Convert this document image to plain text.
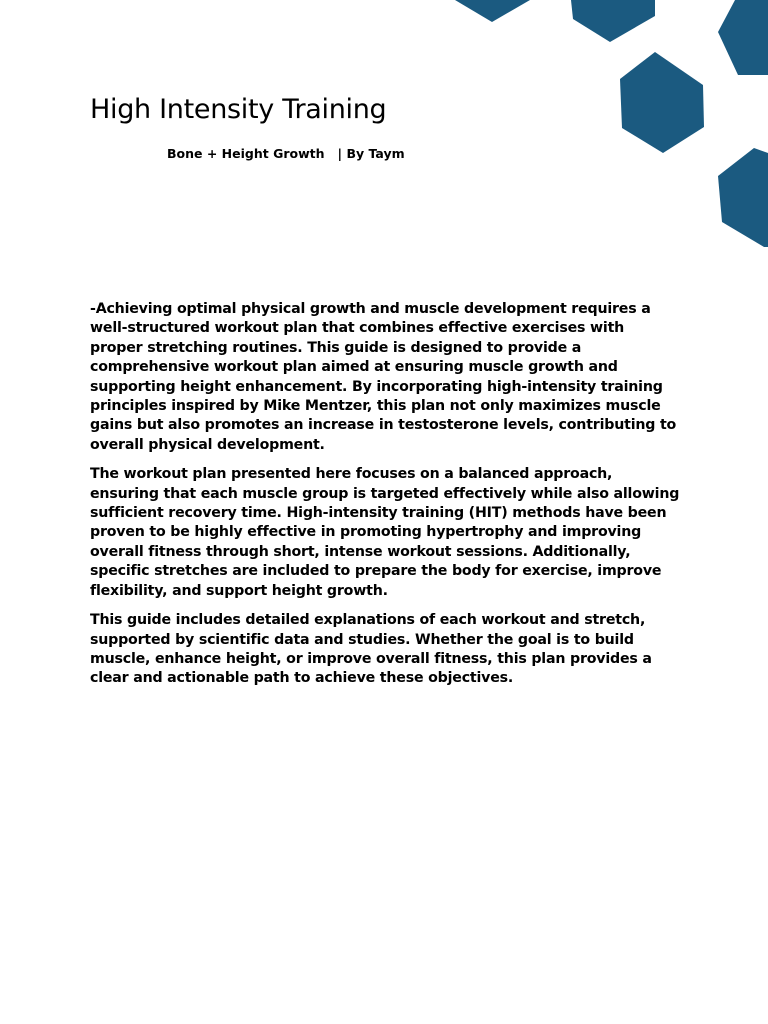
High Intensity Training
Bone + Height Growth   | By Taym

-Achieving optimal physical growth and muscle development requires a well-structured workout plan that combines effective exercises with proper stretching routines. This guide is designed to provide a comprehensive workout plan aimed at ensuring muscle growth and supporting height enhancement. By incorporating high-intensity training principles inspired by Mike Mentzer, this plan not only maximizes muscle gains but also promotes an increase in testosterone levels, contributing to overall physical development.

The workout plan presented here focuses on a balanced approach, ensuring that each muscle group is targeted effectively while also allowing sufficient recovery time. High-intensity training (HIT) methods have been proven to be highly effective in promoting hypertrophy and improving overall fitness through short, intense workout sessions. Additionally, specific stretches are included to prepare the body for exercise, improve flexibility, and support height growth.

This guide includes detailed explanations of each workout and stretch, supported by scientific data and studies. Whether the goal is to build muscle, enhance height, or improve overall fitness, this plan provides a clear and actionable path to achieve these objectives.
